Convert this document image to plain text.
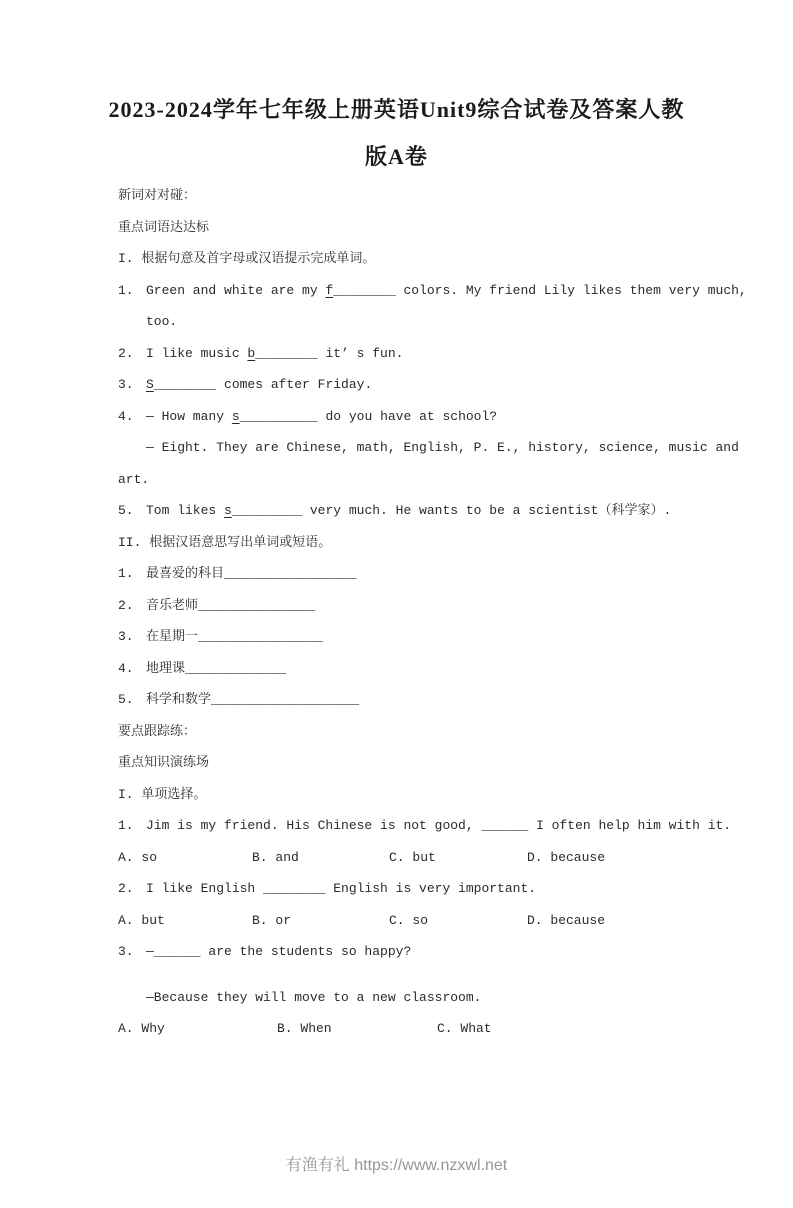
2023-2024学年七年级上册英语Unit9综合试卷及答案人教
版A卷
新词对对碰：
重点词语达达标
I. 根据句意及首字母或汉语提示完成单词。
1. Green and white are my f________ colors. My friend Lily likes them very much,
too.
2. I like music b________ it’ s fun.
3. S________ comes after Friday.
4. — How many s__________ do you have at school?
— Eight. They are Chinese, math, English, P. E., history, science, music and
art.
5. Tom likes s_________ very much. He wants to be a scientist（科学家）.
II. 根据汉语意思写出单词或短语。
1. 最喜爱的科目_________________
2. 音乐老师_______________
3. 在星期一________________
4. 地理课_____________
5. 科学和数学___________________
要点跟踪练：
重点知识演练场
I. 单项选择。
1. Jim is my friend. His Chinese is not good, ______ I often help him with it.
A. so	B. and	C. but	D. because
2. I like English ________ English is very important.
A. but	B. or	C. so	D. because
3. —______ are the students so happy?
—Because they will move to a new classroom.
A. Why	B. When	C. What
有渔有礼 https://www.nzxwl.net
